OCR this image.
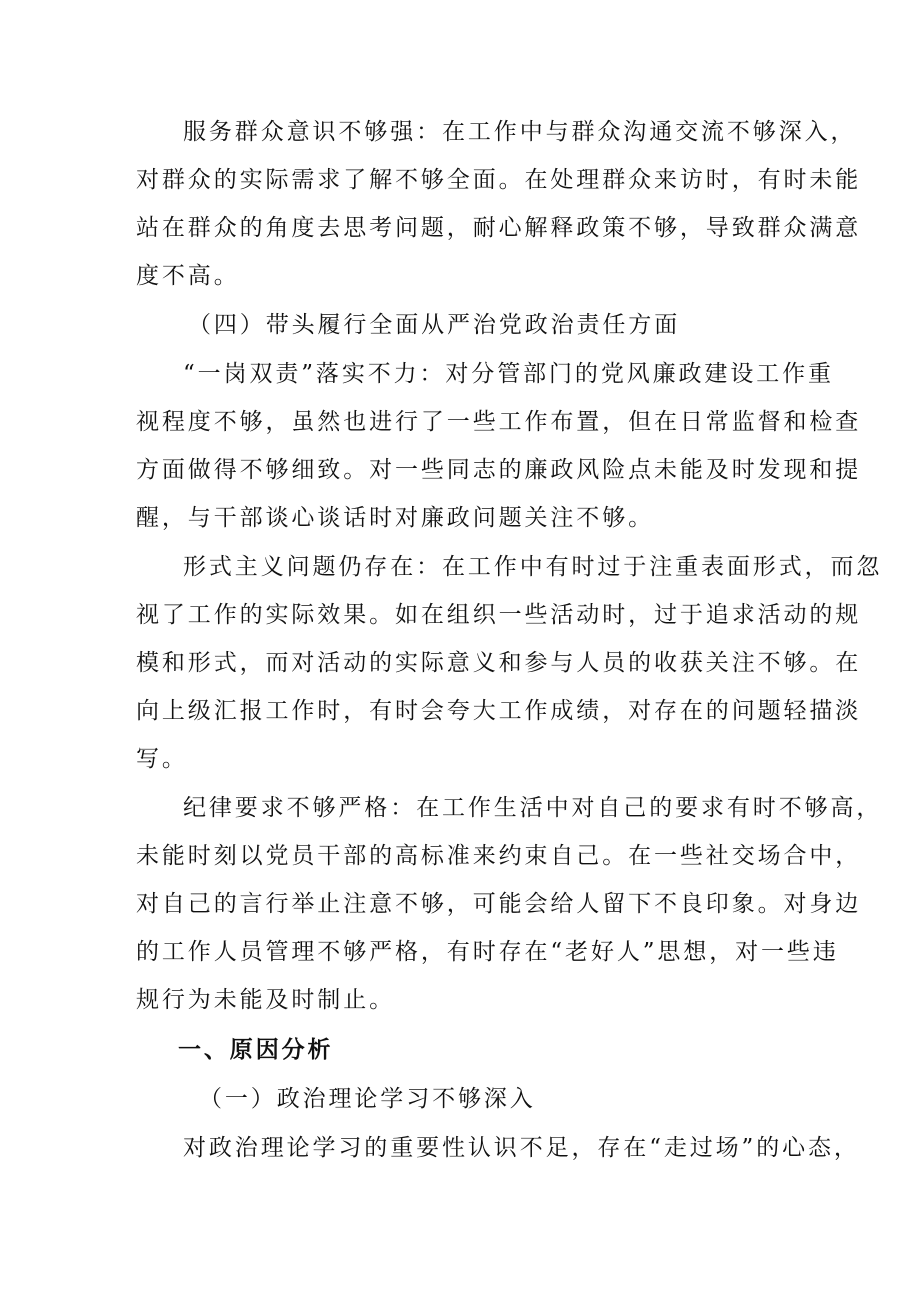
服务群众意识不够强：在工作中与群众沟通交流不够深入，
对群众的实际需求了解不够全面。在处理群众来访时，有时未能
站在群众的角度去思考问题，耐心解释政策不够，导致群众满意
度不高。
（四）带头履行全面从严治党政治责任方面
“一岗双责”落实不力：对分管部门的党风廉政建设工作重
视程度不够，虽然也进行了一些工作布置，但在日常监督和检查
方面做得不够细致。对一些同志的廉政风险点未能及时发现和提
醒，与干部谈心谈话时对廉政问题关注不够。
形式主义问题仍存在：在工作中有时过于注重表面形式，而忽
视了工作的实际效果。如在组织一些活动时，过于追求活动的规
模和形式，而对活动的实际意义和参与人员的收获关注不够。在
向上级汇报工作时，有时会夸大工作成绩，对存在的问题轻描淡
写。
纪律要求不够严格：在工作生活中对自己的要求有时不够高，
未能时刻以党员干部的高标准来约束自己。在一些社交场合中，
对自己的言行举止注意不够，可能会给人留下不良印象。对身边
的工作人员管理不够严格，有时存在“老好人”思想，对一些违
规行为未能及时制止。
一、原因分析
（一）政治理论学习不够深入
对政治理论学习的重要性认识不足，存在“走过场”的心态，
